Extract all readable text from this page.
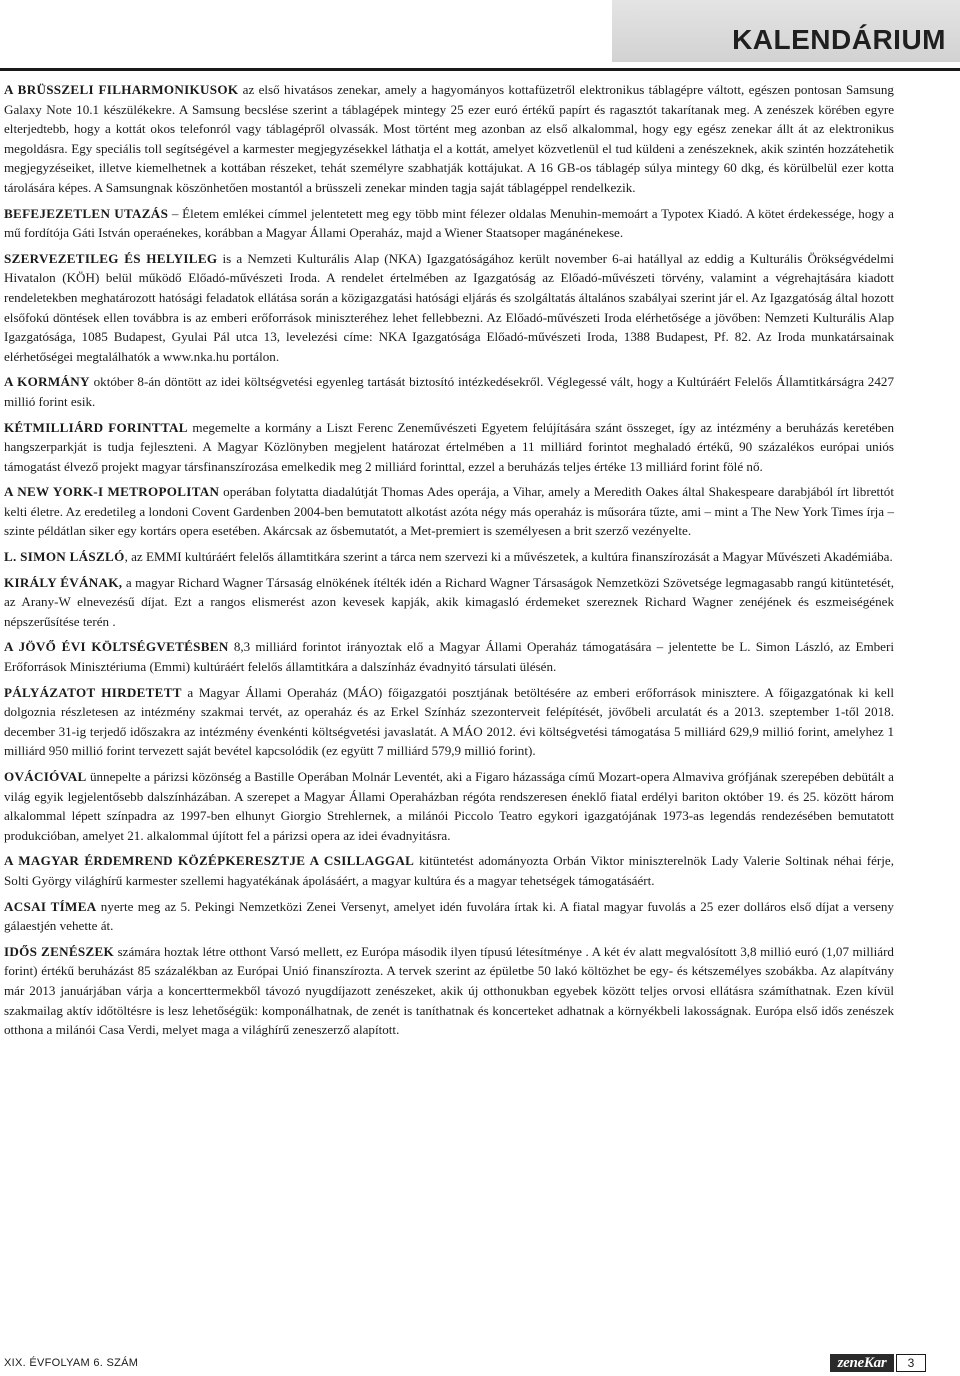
KALENDÁRIUM

A BRÜSSZELI FILHARMONIKUSOK az első hivatásos zenekar, amely a hagyományos kottafüzetről elektronikus táblagépre váltott, egészen pontosan Samsung Galaxy Note 10.1 készülékekre. A Samsung becslése szerint a táblagépek mintegy 25 ezer euró értékű papírt és ragasztót takarítanak meg. A zenészek körében egyre elterjedtebb, hogy a kottát okos telefonról vagy táblagépről olvassák. Most történt meg azonban az első alkalommal, hogy egy egész zenekar állt át az elektronikus megoldásra. Egy speciális toll segítségével a karmester megjegyzésekkel láthatja el a kottát, amelyet közvetlenül el tud küldeni a zenészeknek, akik szintén hozzátehetik megjegyzéseiket, illetve kiemelhetnek a kottában részeket, tehát személyre szabhatják kottájukat. A 16 GB-os táblagép súlya mintegy 60 dkg, és körülbelül ezer kotta tárolására képes. A Samsungnak köszönhetően mostantól a brüsszeli zenekar minden tagja saját táblagéppel rendelkezik.

BEFEJEZETLEN UTAZÁS – Életem emlékei címmel jelentetett meg egy több mint félezer oldalas Menuhin-memoárt a Typotex Kiadó. A kötet érdekessége, hogy a mű fordítója Gáti István operaénekes, korábban a Magyar Állami Operaház, majd a Wiener Staatsoper magánénekese.

SZERVEZETILEG ÉS HELYILEG is a Nemzeti Kulturális Alap (NKA) Igazgatóságához került november 6-ai hatállyal az eddig a Kulturális Örökségvédelmi Hivatalon (KÖH) belül működő Előadó-művészeti Iroda. A rendelet értelmében az Igazgatóság az Előadó-művészeti törvény, valamint a végrehajtására kiadott rendeletekben meghatározott hatósági feladatok ellátása során a közigazgatási hatósági eljárás és szolgáltatás általános szabályai szerint jár el. Az Igazgatóság által hozott elsőfokú döntések ellen továbbra is az emberi erőforrások miniszteréhez lehet fellebbezni. Az Előadó-művészeti Iroda elérhetősége a jövőben: Nemzeti Kulturális Alap Igazgatósága, 1085 Budapest, Gyulai Pál utca 13, levelezési címe: NKA Igazgatósága Előadó-művészeti Iroda, 1388 Budapest, Pf. 82. Az Iroda munkatársainak elérhetőségei megtalálhatók a www.nka.hu portálon.

A KORMÁNY október 8-án döntött az idei költségvetési egyenleg tartását biztosító intézkedésekről. Véglegessé vált, hogy a Kultúráért Felelős Államtitkárságra 2427 millió forint esik.

KÉTMILLIÁRD FORINTTAL megemelte a kormány a Liszt Ferenc Zeneművészeti Egyetem felújítására szánt összeget, így az intézmény a beruházás keretében hangszerparkját is tudja fejleszteni. A Magyar Közlönyben megjelent határozat értelmében a 11 milliárd forintot meghaladó értékű, 90 százalékos európai uniós támogatást élvező projekt magyar társfinanszírozása emelkedik meg 2 milliárd forinttal, ezzel a beruházás teljes értéke 13 milliárd forint fölé nő.

A NEW YORK-I METROPOLITAN operában folytatta diadalútját Thomas Ades operája, a Vihar, amely a Meredith Oakes által Shakespeare darabjából írt librettót kelti életre. Az eredetileg a londoni Covent Gardenben 2004-ben bemutatott alkotást azóta négy más operaház is műsorára tűzte, ami – mint a The New York Times írja – szinte példátlan siker egy kortárs opera esetében. Akárcsak az ősbemutatót, a Met-premiert is személyesen a brit szerző vezényelte.

L. SIMON LÁSZLÓ, az EMMI kultúráért felelős államtitkára szerint a tárca nem szervezi ki a művészetek, a kultúra finanszírozását a Magyar Művészeti Akadémiába.

KIRÁLY ÉVÁNAK, a magyar Richard Wagner Társaság elnökének ítélték idén a Richard Wagner Társaságok Nemzetközi Szövetsége legmagasabb rangú kitüntetését, az Arany-W elnevezésű díjat. Ezt a rangos elismerést azon kevesek kapják, akik kimagasló érdemeket szereznek Richard Wagner zenéjének és eszmeiségének népszerűsítése terén .

A JÖVŐ ÉVI KÖLTSÉGVETÉSBEN 8,3 milliárd forintot irányoztak elő a Magyar Állami Operaház támogatására – jelentette be L. Simon László, az Emberi Erőforrások Minisztériuma (Emmi) kultúráért felelős államtitkára a dalszínház évadnyitó társulati ülésén.

PÁLYÁZATOT HIRDETETT a Magyar Állami Operaház (MÁO) főigazgatói posztjának betöltésére az emberi erőforrások minisztere. A főigazgatónak ki kell dolgoznia részletesen az intézmény szakmai tervét, az operaház és az Erkel Színház szezonterveit felépítését, jövőbeli arculatát és a 2013. szeptember 1-től 2018. december 31-ig terjedő időszakra az intézmény évenkénti költségvetési javaslatát. A MÁO 2012. évi költségvetési támogatása 5 milliárd 629,9 millió forint, amelyhez 1 milliárd 950 millió forint tervezett saját bevétel kapcsolódik (ez együtt 7 milliárd 579,9 millió forint).

OVÁCIÓVAL ünnepelte a párizsi közönség a Bastille Operában Molnár Leventét, aki a Figaro házassága című Mozart-opera Almaviva grófjának szerepében debütált a világ egyik legjelentősebb dalszínházában. A szerepet a Magyar Állami Operaházban régóta rendszeresen éneklő fiatal erdélyi bariton október 19. és 25. között három alkalommal lépett színpadra az 1997-ben elhunyt Giorgio Strehlernek, a milánói Piccolo Teatro egykori igazgatójának 1973-as legendás rendezésében bemutatott produkcióban, amelyet 21. alkalommal újított fel a párizsi opera az idei évadnyitásra.

A MAGYAR ÉRDEMREND KÖZÉPKERESZTJE A CSILLAGGAL kitüntetést adományozta Orbán Viktor miniszterelnök Lady Valerie Soltinak néhai férje, Solti György világhírű karmester szellemi hagyatékának ápolásáért, a magyar kultúra és a magyar tehetségek támogatásáért.

ACSAI TÍMEA nyerte meg az 5. Pekingi Nemzetközi Zenei Versenyt, amelyet idén fuvolára írtak ki. A fiatal magyar fuvolás a 25 ezer dolláros első díjat a verseny gálaestjén vehette át.

IDŐS ZENÉSZEK számára hoztak létre otthont Varsó mellett, ez Európa második ilyen típusú létesítménye . A két év alatt megvalósított 3,8 millió euró (1,07 milliárd forint) értékű beruházást 85 százalékban az Európai Unió finanszírozta. A tervek szerint az épületbe 50 lakó költözhet be egy- és kétszemélyes szobákba. Az alapítvány már 2013 januárjában várja a koncerttermekből távozó nyugdíjazott zenészeket, akik új otthonukban egyebek között teljes orvosi ellátásra számíthatnak. Ezen kívül szakmailag aktív időtöltésre is lesz lehetőségük: komponálhatnak, de zenét is taníthatnak és koncerteket adhatnak a környékbeli lakosságnak. Európa első idős zenészek otthona a milánói Casa Verdi, melyet maga a világhírű zeneszerző alapított.

XIX. ÉVFOLYAM 6. SZÁM	zeneKar	3
